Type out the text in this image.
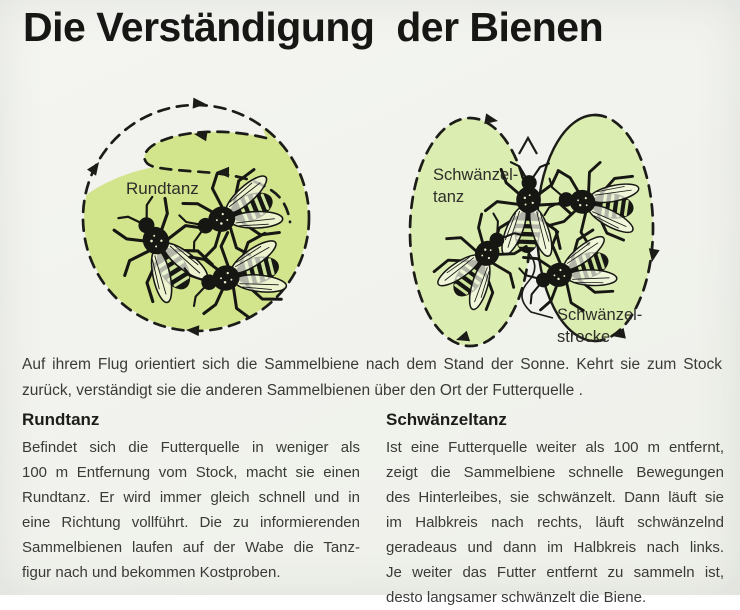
Die Verständigung  der Bienen
Rundtanz
Schwänzel-
tanz
Schwänzel-
strecke

Auf ihrem Flug orientiert sich die Sammelbiene nach dem Stand der Sonne. Kehrt sie zum Stock
zurück, verständigt sie die anderen Sammelbienen über den Ort der Futterquelle .

Rundtanz
Befindet sich die Futterquelle in weniger als
100 m Entfernung vom Stock, macht sie einen
Rundtanz. Er wird immer gleich schnell und in
eine Richtung vollführt. Die zu informierenden
Sammelbienen laufen auf der Wabe die Tanz-
figur nach und bekommen Kostproben.
Schwänzeltanz
Ist eine Futterquelle weiter als 100 m entfernt,
zeigt die Sammelbiene schnelle Bewegungen
des Hinterleibes, sie schwänzelt. Dann läuft sie
im Halbkreis nach rechts, läuft schwänzelnd
geradeaus und dann im Halbkreis nach links.
Je weiter das Futter entfernt zu sammeln ist,
desto langsamer schwänzelt die Biene.
